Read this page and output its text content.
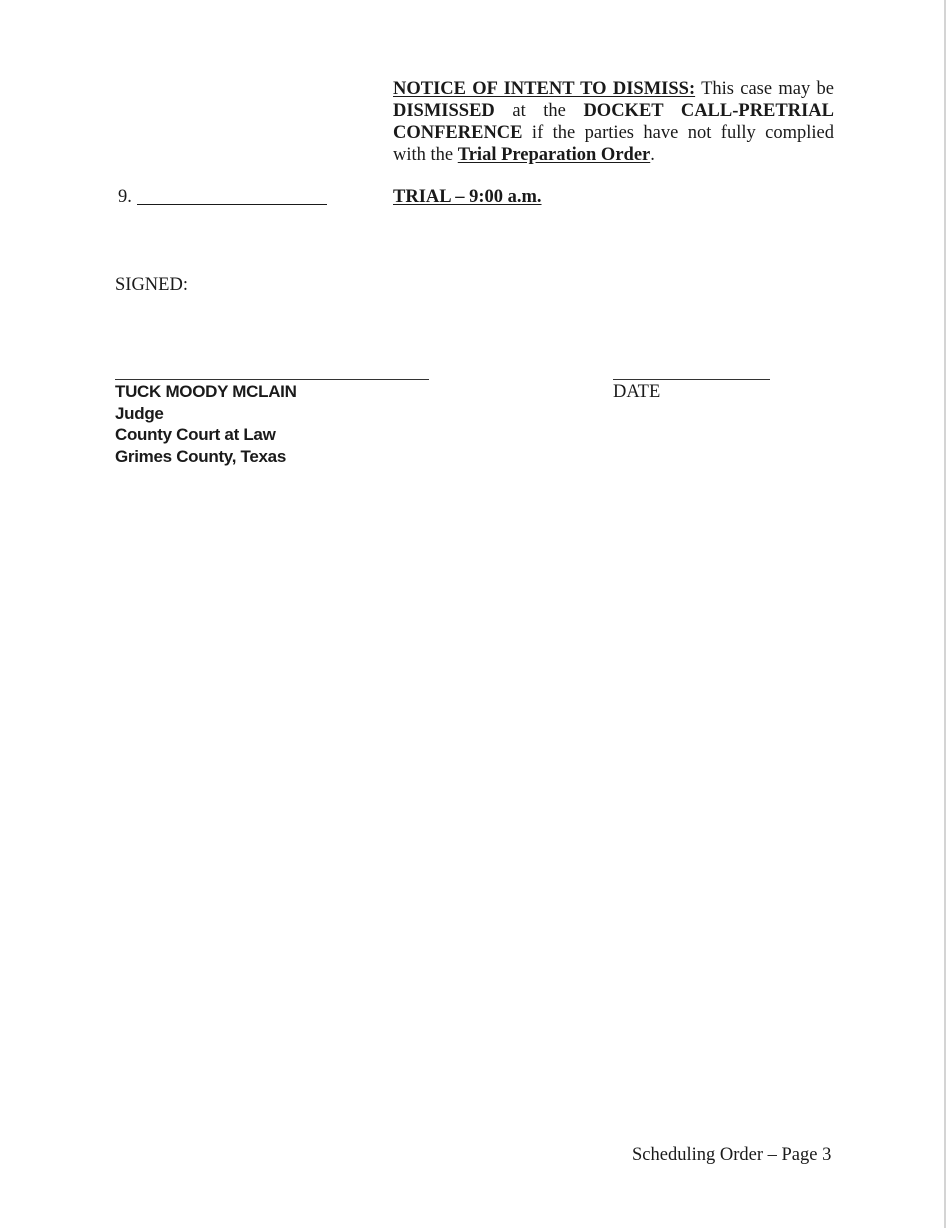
NOTICE OF INTENT TO DISMISS: This case may be DISMISSED at the DOCKET CALL-PRETRIAL CONFERENCE if the parties have not fully complied with the Trial Preparation Order.
9.	TRIAL – 9:00 a.m.
SIGNED:
TUCK MOODY MCLAIN
Judge
County Court at Law
Grimes County, Texas
DATE
Scheduling Order – Page 3
